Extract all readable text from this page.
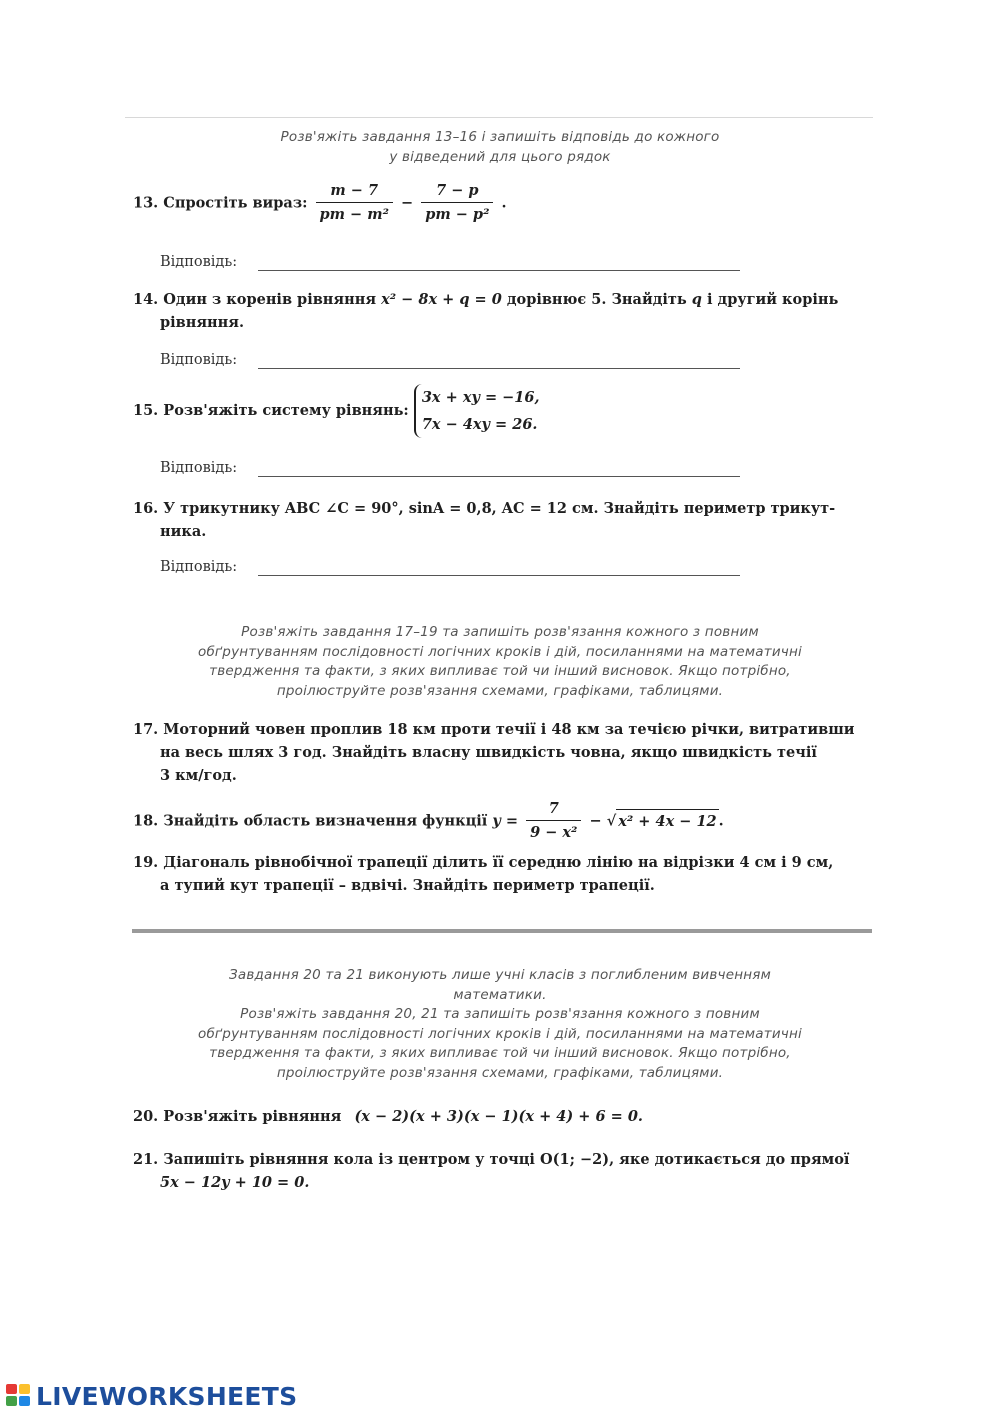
Розв'яжіть завдання 13–16 і запишіть відповідь до кожного
у відведений для цього рядок
13. Спростіть вираз: $\frac{m - 7}{\text{pm − m²}} - \frac{7 - p}{\text{pm − p²}}$ .
Відповідь:
14. Один з коренів рівняння x² − 8x + q = 0 дорівнює 5. Знайдіть q і другий корінь
рівняння.
Відповідь:
15. Розв'яжіть систему рівнянь:
3x + xy = −16,
7x − 4xy = 26.
Відповідь:
16. У трикутнику ABC ∠C = 90°, sinA = 0,8, AC = 12 см. Знайдіть периметр трикут-
ника.
Відповідь:
Розв'яжіть завдання 17–19 та запишіть розв'язання кожного з повним
обґрунтуванням послідовності логічних кроків і дій, посиланнями на математичні
твердження та факти, з яких випливає той чи інший висновок. Якщо потрібно,
проілюструйте розв'язання схемами, графіками, таблицями.
17. Моторний човен проплив 18 км проти течії і 48 км за течією річки, витративши
на весь шлях 3 год. Знайдіть власну швидкість човна, якщо швидкість течії
3 км/год.
18. Знайдіть область визначення функції $y = \frac{7}{\text{9 − x²}}$ − √ x² + 4x − 12 .
19. Діагональ рівнобічної трапеції ділить її середню лінію на відрізки 4 см і 9 см,
а тупий кут трапеції – вдвічі. Знайдіть периметр трапеції.
Завдання 20 та 21 виконують лише учні класів з поглибленим вивченням
математики.
Розв'яжіть завдання 20, 21 та запишіть розв'язання кожного з повним
обґрунтуванням послідовності логічних кроків і дій, посиланнями на математичні
твердження та факти, з яких випливає той чи інший висновок. Якщо потрібно,
проілюструйте розв'язання схемами, графіками, таблицями.
20. Розв'яжіть рівняння (x − 2)(x + 3)(x − 1)(x + 4) + 6 = 0.
21. Запишіть рівняння кола із центром у точці O(1; −2), яке дотикається до прямої
5x − 12y + 10 = 0.
LIVEWORKSHEETS
